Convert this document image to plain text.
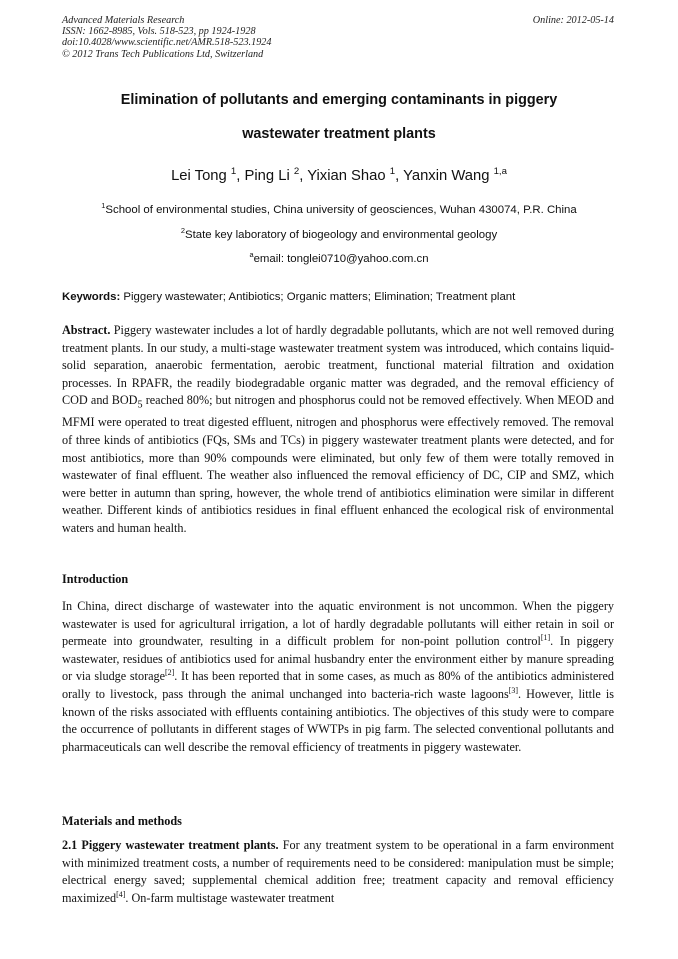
Advanced Materials Research
ISSN: 1662-8985, Vols. 518-523, pp 1924-1928
doi:10.4028/www.scientific.net/AMR.518-523.1924
© 2012 Trans Tech Publications Ltd, Switzerland
Online: 2012-05-14
Elimination of pollutants and emerging contaminants in piggery
wastewater treatment plants
Lei Tong $^1$, Ping Li $^2$, Yixian Shao $^1$, Yanxin Wang $^{1,a}$
$^1$School of environmental studies, China university of geosciences, Wuhan 430074, P.R. China
$^2$State key laboratory of biogeology and environmental geology
$^a$email: tonglei0710@yahoo.com.cn
Keywords: Piggery wastewater; Antibiotics; Organic matters; Elimination; Treatment plant
Abstract. Piggery wastewater includes a lot of hardly degradable pollutants, which are not well removed during treatment plants. In our study, a multi-stage wastewater treatment system was introduced, which contains liquid-solid separation, anaerobic fermentation, aerobic treatment, functional material filtration and oxidation processes. In RPAFR, the readily biodegradable organic matter was degraded, and the removal efficiency of COD and $BOD_5$ reached 80%; but nitrogen and phosphorus could not be removed effectively. When MEOD and MFMI were operated to treat digested effluent, nitrogen and phosphorus were effectively removed. The removal of three kinds of antibiotics (FQs, SMs and TCs) in piggery wastewater treatment plants were detected, and for most antibiotics, more than 90% compounds were eliminated, but only few of them were totally removed in wastewater of final effluent. The weather also influenced the removal efficiency of DC, CIP and SMZ, which were better in autumn than spring, however, the whole trend of antibiotics elimination were similar in different weather. Different kinds of antibiotics residues in final effluent enhanced the ecological risk of environmental waters and human health.
Introduction
In China, direct discharge of wastewater into the aquatic environment is not uncommon. When the piggery wastewater is used for agricultural irrigation, a lot of hardly degradable pollutants will either retain in soil or permeate into groundwater, resulting in a difficult problem for non-point pollution control[1]. In piggery wastewater, residues of antibiotics used for animal husbandry enter the environment either by manure spreading or via sludge storage[2]. It has been reported that in some cases, as much as 80% of the antibiotics administered orally to livestock, pass through the animal unchanged into bacteria-rich waste lagoons[3]. However, little is known of the risks associated with effluents containing antibiotics. The objectives of this study were to compare the occurrence of pollutants in different stages of WWTPs in pig farm. The selected conventional pollutants and pharmaceuticals can well describe the removal efficiency of treatments in piggery wastewater.
Materials and methods
2.1 Piggery wastewater treatment plants. For any treatment system to be operational in a farm environment with minimized treatment costs, a number of requirements need to be considered: manipulation must be simple; electrical energy saved; supplemental chemical addition free; treatment capacity and removal efficiency maximized[4]. On-farm multistage wastewater treatment
